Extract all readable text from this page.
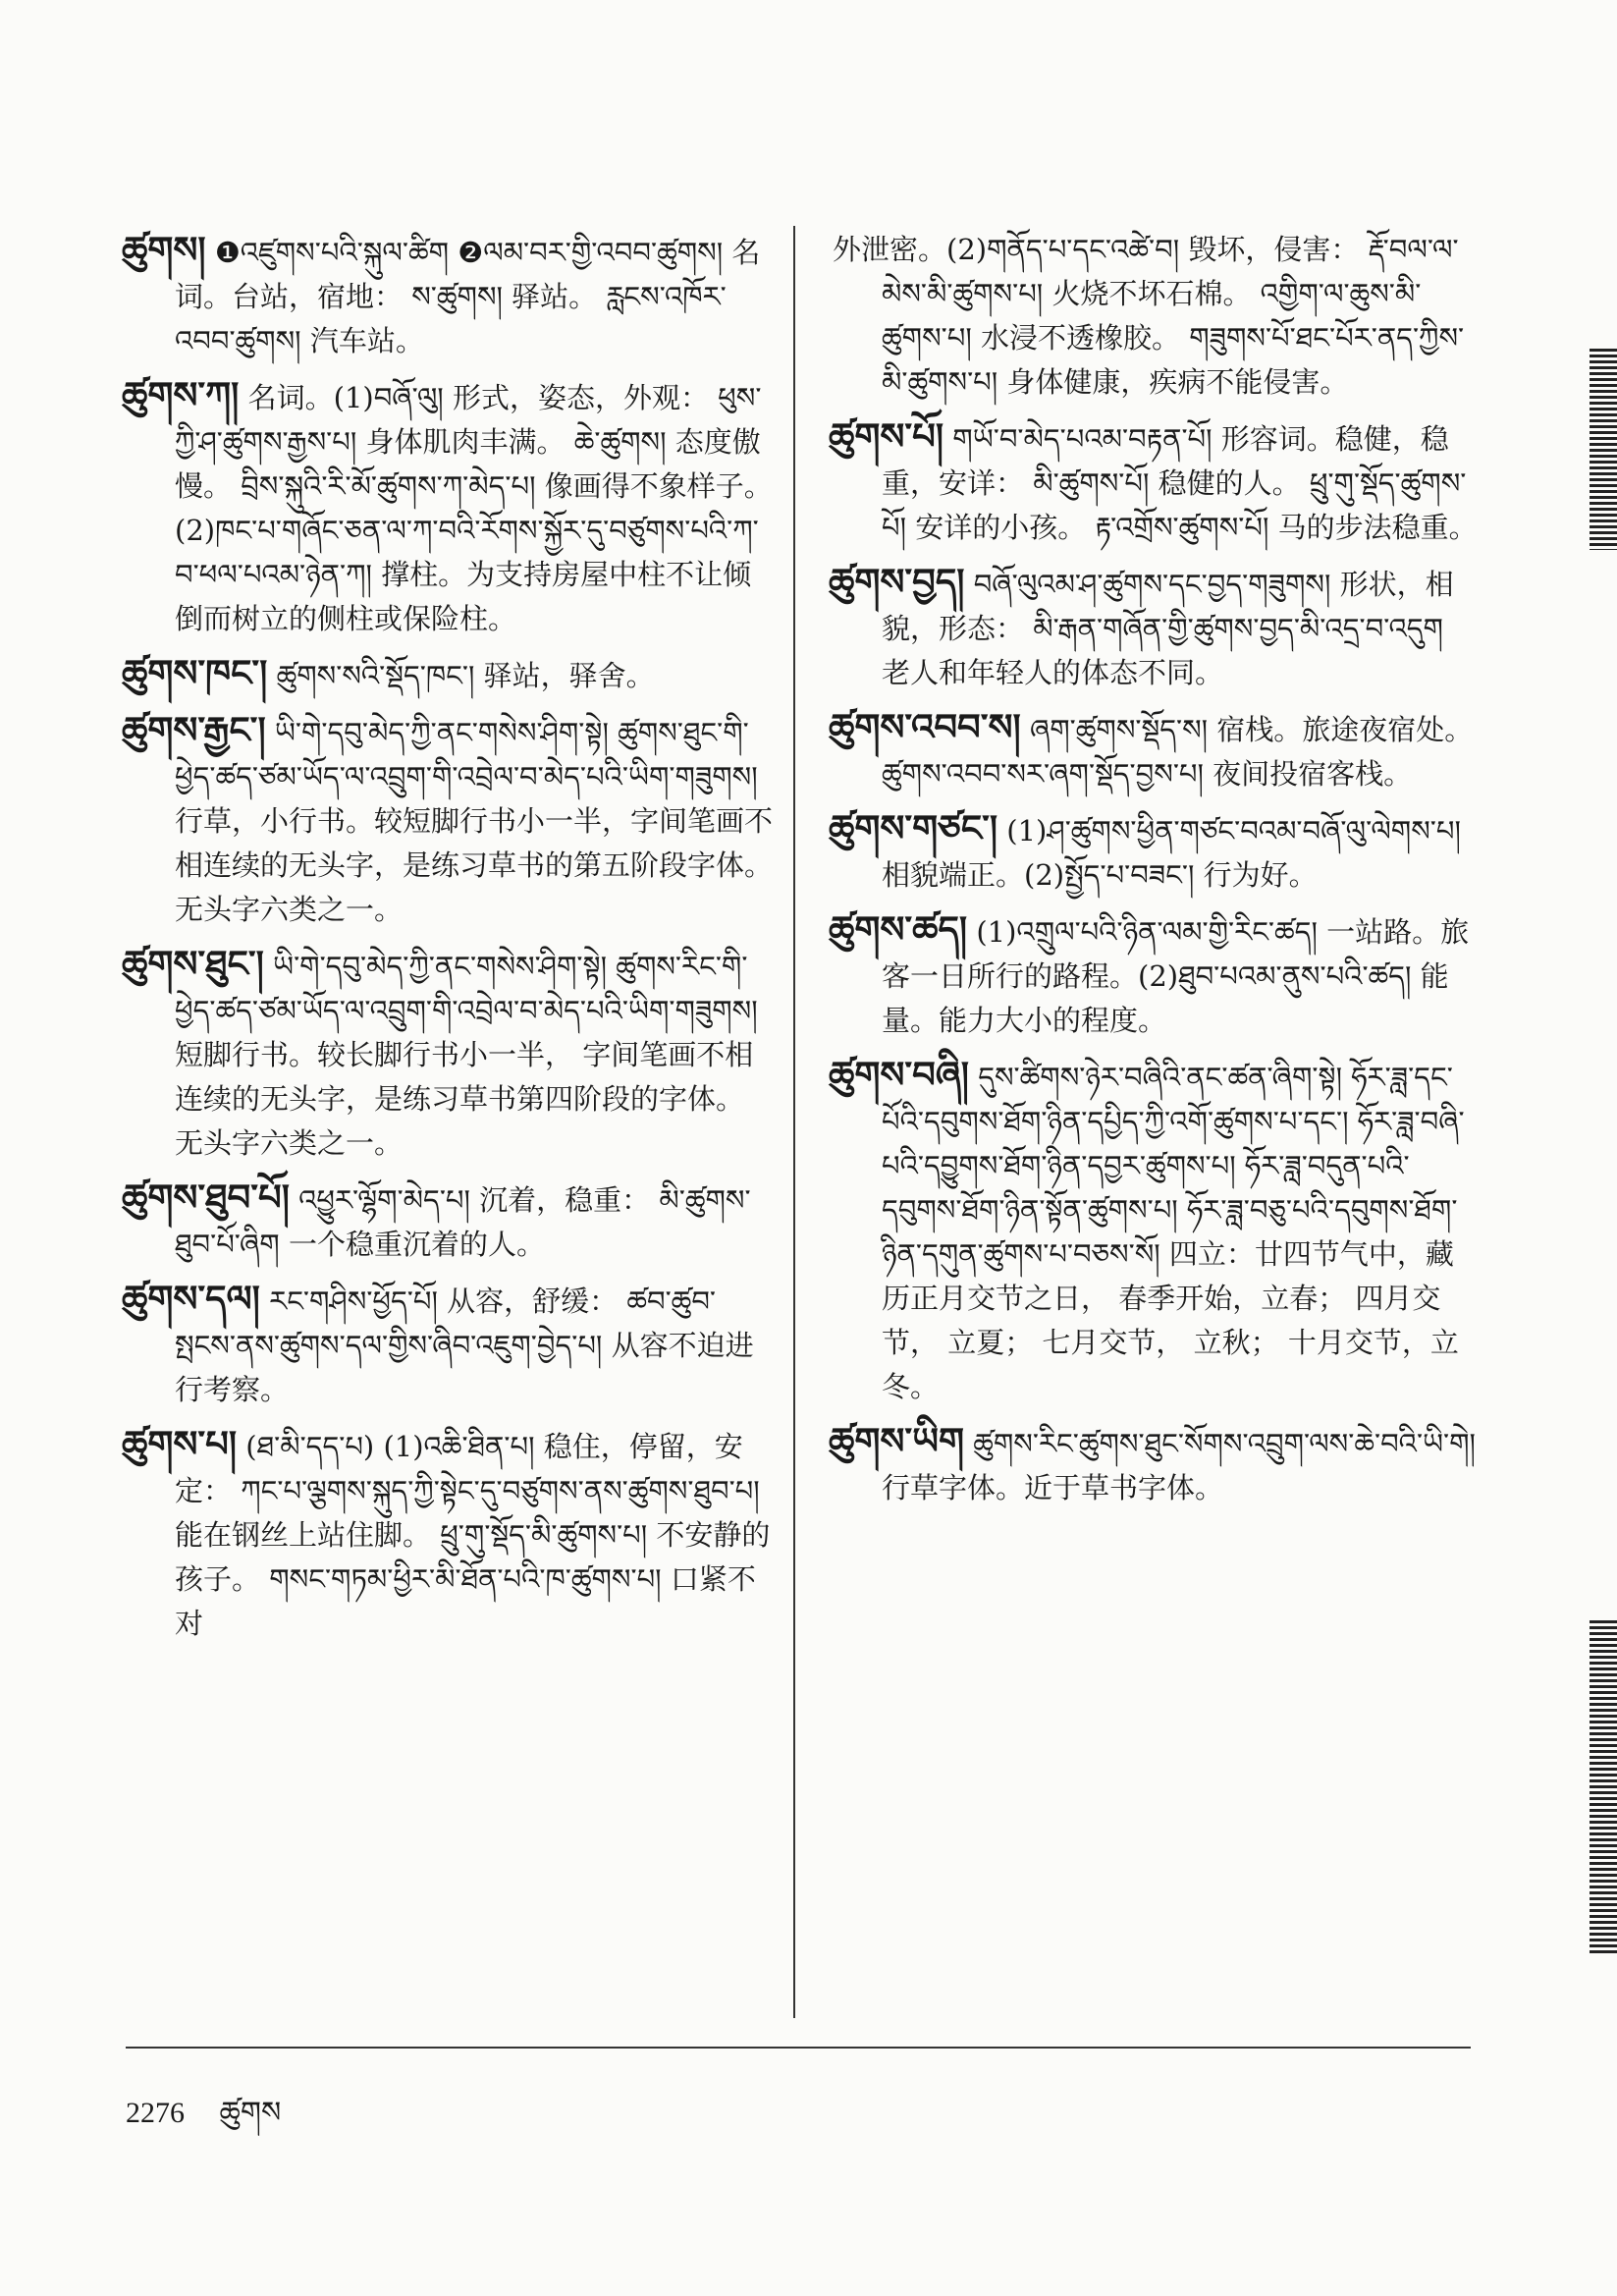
ཚུགས། ❶འཛུགས་པའི་སྐུལ་ཚིག ❷ལམ་བར་གྱི་འབབ་ཚུགས། 名词。台站，宿地： ས་ཚུགས། 驿站。 རླངས་འཁོར་འབབ་ཚུགས། 汽车站。
ཚུགས་ཀ། 名词。(1)བཞོ་ལུ། 形式，姿态，外观： ཕུས་ཀྱི་ཤ་ཚུགས་རྒྱས་པ། 身体肌肉丰满。 ཆེ་ཚུགས། 态度傲慢。 བྲིས་སྐུའི་རི་མོ་ཚུགས་ཀ་མེད་པ། 像画得不象样子。(2)ཁང་པ་གཞོང་ཅན་ལ་ཀ་བའི་རོགས་སྐྱོར་དུ་བཙུགས་པའི་ཀ་བ་ཕལ་པའམ་ཉེན་ཀ། 撑柱。为支持房屋中柱不让倾倒而树立的侧柱或保险柱。
ཚུགས་ཁང་། ཚུགས་སའི་སྡོད་ཁང་། 驿站，驿舍。
ཚུགས་རྒྱང་། ཡི་གེ་དབུ་མེད་ཀྱི་ནང་གསེས་ཤིག་སྟེ། ཚུགས་ཐུང་གི་ཕྱེད་ཚད་ཙམ་ཡོད་ལ་འབྲུག་གི་འབྲེལ་བ་མེད་པའི་ཡིག་གཟུགས། 行草，小行书。较短脚行书小一半，字间笔画不相连续的无头字，是练习草书的第五阶段字体。 无头字六类之一。
ཚུགས་ཐུང་། ཡི་གེ་དབུ་མེད་ཀྱི་ནང་གསེས་ཤིག་སྟེ། ཚུགས་རིང་གི་ཕྱེད་ཚད་ཙམ་ཡོད་ལ་འབྲུག་གི་འབྲེལ་བ་མེད་པའི་ཡིག་གཟུགས། 短脚行书。较长脚行书小一半， 字间笔画不相连续的无头字，是练习草书第四阶段的字体。 无头字六类之一。
ཚུགས་ཐུབ་པོ། འཕྱུར་ལྷོག་མེད་པ། 沉着，稳重： མི་ཚུགས་ཐུབ་པོ་ཞིག 一个稳重沉着的人。
ཚུགས་དལ། རང་གཤིས་ཕྱོད་པོ། 从容，舒缓： ཚབ་ཚུབ་སྤངས་ནས་ཚུགས་དལ་གྱིས་ཞིབ་འཇུག་བྱེད་པ། 从容不迫进行考察。
ཚུགས་པ། (ཐ་མི་དད་པ) (1)འཆི་ཐིན་པ། 稳住，停留，安定： ཀང་པ་ལྕགས་སྐུད་ཀྱི་སྟེང་དུ་བཙུགས་ནས་ཚུགས་ཐུབ་པ། 能在钢丝上站住脚。 ཕྲུ་གུ་སྡོད་མི་ཚུགས་པ། 不安静的孩子。 གསང་གཏམ་ཕྱིར་མི་ཐོན་པའི་ཁ་ཚུགས་པ། 口紧不对
外泄密。(2)གནོད་པ་དང་འཚེ་བ། 毁坏，侵害： རྡོ་བལ་ལ་མེས་མི་ཚུགས་པ། 火烧不坏石棉。 འགྱིག་ལ་ཆུས་མི་ཚུགས་པ། 水浸不透橡胶。 གཟུགས་པོ་ཐང་པོར་ནད་ཀྱིས་མི་ཚུགས་པ། 身体健康，疾病不能侵害。
ཚུགས་པོ། གཡོ་བ་མེད་པའམ་བརྟན་པོ། 形容词。稳健，稳重，安详： མི་ཚུགས་པོ། 稳健的人。 ཕྲུ་གུ་སྡོད་ཚུགས་པོ། 安详的小孩。 རྟ་འགྲོས་ཚུགས་པོ། 马的步法稳重。
ཚུགས་བྱད། བཞོ་ལུའམ་ཤ་ཚུགས་དང་བྱད་གཟུགས། 形状，相貌，形态： མི་རྒན་གཞོན་གྱི་ཚུགས་བྱད་མི་འདྲ་བ་འདུག 老人和年轻人的体态不同。
ཚུགས་འབབ་ས། ཞག་ཚུགས་སྡོད་ས། 宿栈。旅途夜宿处。 ཚུགས་འབབ་སར་ཞག་སྡོད་བྱས་པ། 夜间投宿客栈。
ཚུགས་གཙང་། (1)ཤ་ཚུགས་ཕྱིན་གཙང་བའམ་བཞོ་ལུ་ལེགས་པ། 相貌端正。(2)སྤྱོད་པ་བཟང་། 行为好。
ཚུགས་ཚད། (1)འགྲུལ་པའི་ཉིན་ལམ་གྱི་རིང་ཚད། 一站路。旅客一日所行的路程。(2)ཐུབ་པའམ་ནུས་པའི་ཚད། 能量。能力大小的程度。
ཚུགས་བཞི། དུས་ཚིགས་ཉེར་བཞིའི་ནང་ཚན་ཞིག་སྟེ། ཧོར་ཟླ་དང་པོའི་དབུགས་ཐོག་ཉིན་དཔྱིད་ཀྱི་འགོ་ཚུགས་པ་དང་། ཧོར་ཟླ་བཞི་པའི་དབྱུགས་ཐོག་ཉིན་དབྱར་ཚུགས་པ། ཧོར་ཟླ་བདུན་པའི་དབུགས་ཐོག་ཉིན་སྟོན་ཚུགས་པ། ཧོར་ཟླ་བཅུ་པའི་དབུགས་ཐོག་ཉིན་དགུན་ཚུགས་པ་བཅས་སོ། 四立：廿四节气中，藏历正月交节之日， 春季开始，立春； 四月交节， 立夏； 七月交节， 立秋； 十月交节，立冬。
ཚུགས་ཡིག ཚུགས་རིང་ཚུགས་ཐུང་སོགས་འབྲུག་ལས་ཆེ་བའི་ཡི་གེ། 行草字体。近于草书字体。
2276 ཚུགས
